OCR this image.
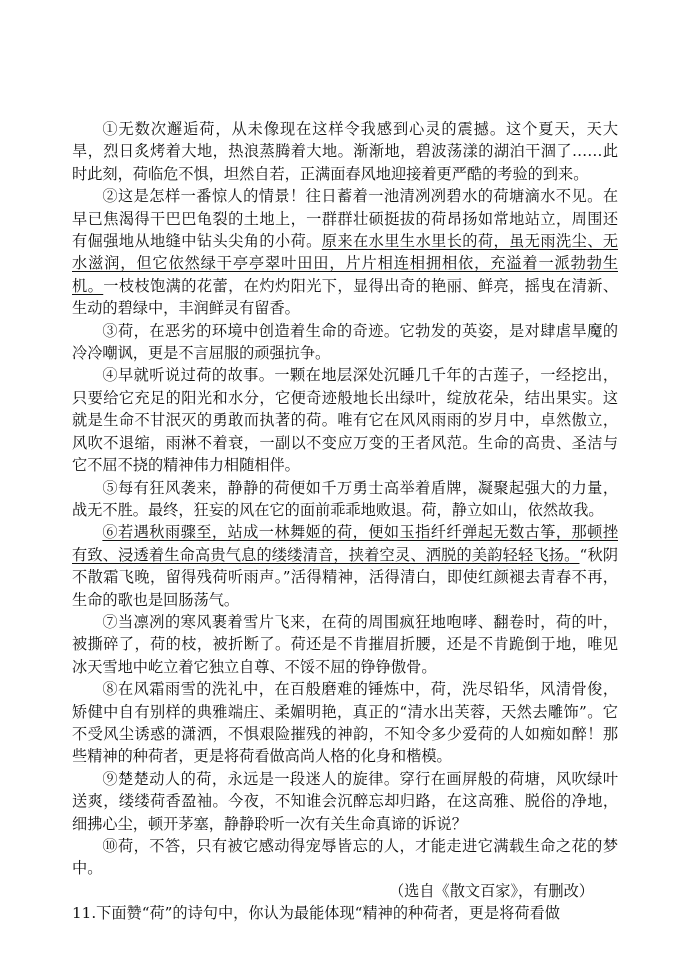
①无数次邂逅荷，从未像现在这样令我感到心灵的震撼。这个夏天，天大旱，烈日炙烤着大地，热浪蒸腾着大地。渐渐地，碧波荡漾的湖泊干涸了……此时此刻，荷临危不惧，坦然自若，正满面春风地迎接着更严酷的考验的到来。

②这是怎样一番惊人的情景！往日蓄着一池清冽冽碧水的荷塘滴水不见。在早已焦渴得干巴巴龟裂的土地上，一群群壮硕挺拔的荷昂扬如常地站立，周围还有倔强地从地缝中钻头尖角的小荷。原来在水里生水里长的荷，虽无雨洗尘、无水滋润，但它依然绿干亭亭翠叶田田，片片相连相拥相依，充溢着一派勃勃生机。一枝枝饱满的花蕾，在灼灼阳光下，显得出奇的艳丽、鲜亮，摇曳在清新、生动的碧绿中，丰润鲜灵有留香。

③荷，在恶劣的环境中创造着生命的奇迹。它勃发的英姿，是对肆虐旱魔的冷冷嘲讽，更是不言屈服的顽强抗争。

④早就听说过荷的故事。一颗在地层深处沉睡几千年的古莲子，一经挖出，只要给它充足的阳光和水分，它便奇迹般地长出绿叶，绽放花朵，结出果实。这就是生命不甘泯灭的勇敢而执著的荷。唯有它在风风雨雨的岁月中，卓然傲立，风吹不退缩，雨淋不着衰，一副以不变应万变的王者风范。生命的高贵、圣洁与它不屈不挠的精神伟力相随相伴。

⑤每有狂风袭来，静静的荷便如千万勇士高举着盾牌，凝聚起强大的力量，战无不胜。最终，狂妄的风在它的面前乖乖地败退。荷，静立如山，依然故我。

⑥若遇秋雨骤至，站成一林舞姬的荷，便如玉指纤纤弹起无数古筝，那顿挫有致、浸透着生命高贵气息的缕缕清音，挟着空灵、洒脱的美韵轻轻飞扬。“秋阴不散霜飞晚，留得残荷听雨声。”活得精神，活得清白，即使红颜褪去青春不再，生命的歌也是回肠荡气。

⑦当凛冽的寒风裹着雪片飞来，在荷的周围疯狂地咆哮、翻卷时，荷的叶，被撕碎了，荷的枝，被折断了。荷还是不肯摧眉折腰，还是不肯跪倒于地，唯见冰天雪地中屹立着它独立自尊、不馁不屈的铮铮傲骨。

⑧在风霜雨雪的洗礼中，在百般磨难的锤炼中，荷，洗尽铅华，风清骨俊，矫健中自有别样的典雅端庄、柔媚明艳，真正的“清水出芙蓉，天然去雕饰”。它不受风尘诱惑的潇洒，不惧艰险摧残的神韵，不知令多少爱荷的人如痴如醉！那些精神的种荷者，更是将荷看做高尚人格的化身和楷模。

⑨楚楚动人的荷，永远是一段迷人的旋律。穿行在画屏般的荷塘，风吹绿叶送爽，缕缕荷香盈袖。今夜，不知谁会沉醉忘却归路，在这高雅、脱俗的净地，细拂心尘，顿开茅塞，静静聆听一次有关生命真谛的诉说？

⑩荷，不答，只有被它感动得宠辱皆忘的人，才能走进它满载生命之花的梦中。

（选自《散文百家》，有删改）

11.下面赞“荷”的诗句中，你认为最能体现“精神的种荷者，更是将荷看做
